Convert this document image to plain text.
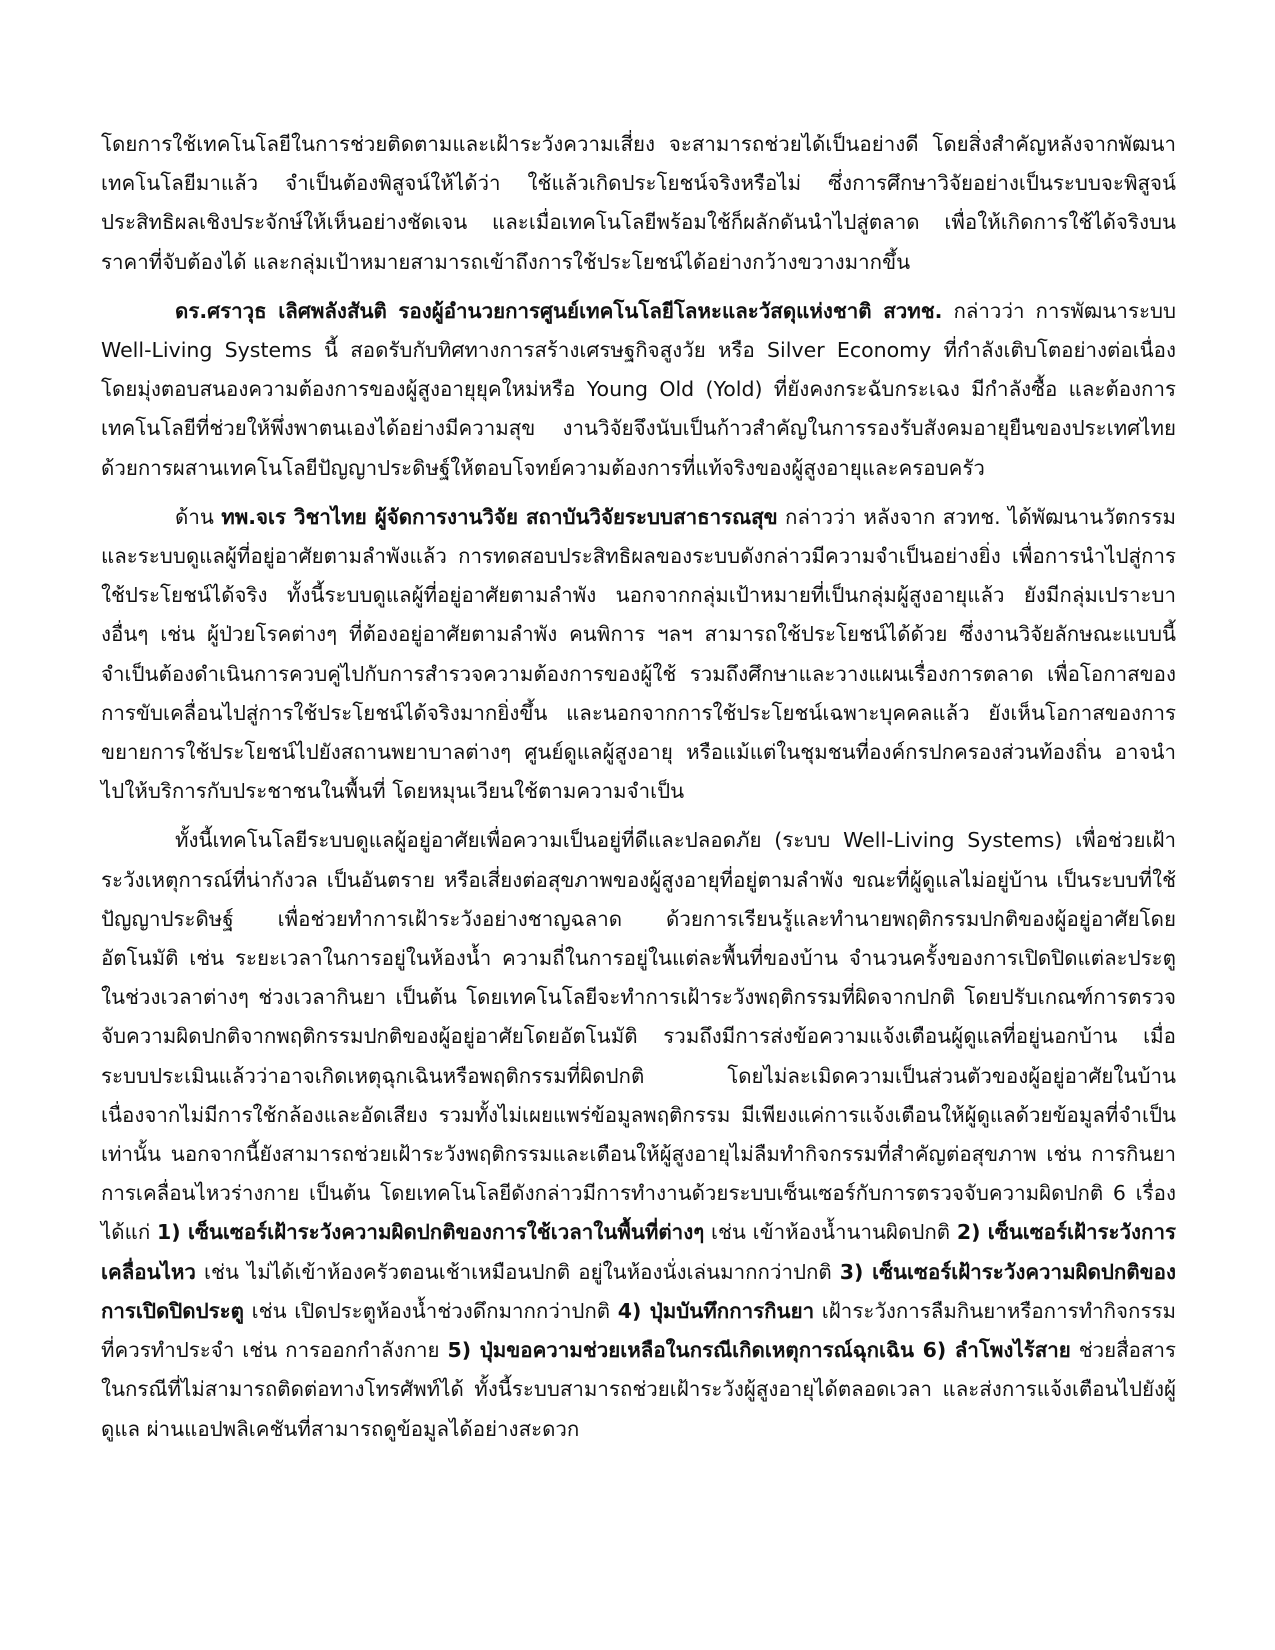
โดยการใช้เทคโนโลยีในการช่วยติดตามและเฝ้าระวังความเสี่ยง จะสามารถช่วยได้เป็นอย่างดี โดยสิ่งสำคัญหลังจากพัฒนาเทคโนโลยีมาแล้ว จำเป็นต้องพิสูจน์ให้ได้ว่า ใช้แล้วเกิดประโยชน์จริงหรือไม่ ซึ่งการศึกษาวิจัยอย่างเป็นระบบจะพิสูจน์ประสิทธิผลเชิงประจักษ์ให้เห็นอย่างชัดเจน และเมื่อเทคโนโลยีพร้อมใช้ก็ผลักดันนำไปสู่ตลาด เพื่อให้เกิดการใช้ได้จริงบนราคาที่จับต้องได้ และกลุ่มเป้าหมายสามารถเข้าถึงการใช้ประโยชน์ได้อย่างกว้างขวางมากขึ้น

ดร.ศราวุธ เลิศพลังสันติ รองผู้อำนวยการศูนย์เทคโนโลยีโลหะและวัสดุแห่งชาติ สวทช. กล่าวว่า การพัฒนาระบบ Well-Living Systems นี้ สอดรับกับทิศทางการสร้างเศรษฐกิจสูงวัย หรือ Silver Economy ที่กำลังเติบโตอย่างต่อเนื่อง โดยมุ่งตอบสนองความต้องการของผู้สูงอายุยุคใหม่หรือ Young Old (Yold) ที่ยังคงกระฉับกระเฉง มีกำลังซื้อ และต้องการเทคโนโลยีที่ช่วยให้พึ่งพาตนเองได้อย่างมีความสุข งานวิจัยจึงนับเป็นก้าวสำคัญในการรองรับสังคมอายุยืนของประเทศไทย ด้วยการผสานเทคโนโลยีปัญญาประดิษฐ์ให้ตอบโจทย์ความต้องการที่แท้จริงของผู้สูงอายุและครอบครัว

ด้าน ทพ.จเร วิชาไทย ผู้จัดการงานวิจัย สถาบันวิจัยระบบสาธารณสุข กล่าวว่า หลังจาก สวทช. ได้พัฒนานวัตกรรมและระบบดูแลผู้ที่อยู่อาศัยตามลำพังแล้ว การทดสอบประสิทธิผลของระบบดังกล่าวมีความจำเป็นอย่างยิ่ง เพื่อการนำไปสู่การใช้ประโยชน์ได้จริง ทั้งนี้ระบบดูแลผู้ที่อยู่อาศัยตามลำพัง นอกจากกลุ่มเป้าหมายที่เป็นกลุ่มผู้สูงอายุแล้ว ยังมีกลุ่มเปราะบางอื่นๆ เช่น ผู้ป่วยโรคต่างๆ ที่ต้องอยู่อาศัยตามลำพัง คนพิการ ฯลฯ สามารถใช้ประโยชน์ได้ด้วย ซึ่งงานวิจัยลักษณะแบบนี้จำเป็นต้องดำเนินการควบคู่ไปกับการสำรวจความต้องการของผู้ใช้ รวมถึงศึกษาและวางแผนเรื่องการตลาด เพื่อโอกาสของการขับเคลื่อนไปสู่การใช้ประโยชน์ได้จริงมากยิ่งขึ้น และนอกจากการใช้ประโยชน์เฉพาะบุคคลแล้ว ยังเห็นโอกาสของการขยายการใช้ประโยชน์ไปยังสถานพยาบาลต่างๆ ศูนย์ดูแลผู้สูงอายุ หรือแม้แต่ในชุมชนที่องค์กรปกครองส่วนท้องถิ่น อาจนำไปให้บริการกับประชาชนในพื้นที่ โดยหมุนเวียนใช้ตามความจำเป็น

ทั้งนี้เทคโนโลยีระบบดูแลผู้อยู่อาศัยเพื่อความเป็นอยู่ที่ดีและปลอดภัย (ระบบ Well-Living Systems) เพื่อช่วยเฝ้าระวังเหตุการณ์ที่น่ากังวล เป็นอันตราย หรือเสี่ยงต่อสุขภาพของผู้สูงอายุที่อยู่ตามลำพัง ขณะที่ผู้ดูแลไม่อยู่บ้าน เป็นระบบที่ใช้ปัญญาประดิษฐ์ เพื่อช่วยทำการเฝ้าระวังอย่างชาญฉลาด ด้วยการเรียนรู้และทำนายพฤติกรรมปกติของผู้อยู่อาศัยโดยอัตโนมัติ เช่น ระยะเวลาในการอยู่ในห้องน้ำ ความถี่ในการอยู่ในแต่ละพื้นที่ของบ้าน จำนวนครั้งของการเปิดปิดแต่ละประตูในช่วงเวลาต่างๆ ช่วงเวลากินยา เป็นต้น โดยเทคโนโลยีจะทำการเฝ้าระวังพฤติกรรมที่ผิดจากปกติ โดยปรับเกณฑ์การตรวจจับความผิดปกติจากพฤติกรรมปกติของผู้อยู่อาศัยโดยอัตโนมัติ รวมถึงมีการส่งข้อความแจ้งเตือนผู้ดูแลที่อยู่นอกบ้าน เมื่อระบบประเมินแล้วว่าอาจเกิดเหตุฉุกเฉินหรือพฤติกรรมที่ผิดปกติ โดยไม่ละเมิดความเป็นส่วนตัวของผู้อยู่อาศัยในบ้าน เนื่องจากไม่มีการใช้กล้องและอัดเสียง รวมทั้งไม่เผยแพร่ข้อมูลพฤติกรรม มีเพียงแค่การแจ้งเตือนให้ผู้ดูแลด้วยข้อมูลที่จำเป็นเท่านั้น นอกจากนี้ยังสามารถช่วยเฝ้าระวังพฤติกรรมและเตือนให้ผู้สูงอายุไม่ลืมทำกิจกรรมที่สำคัญต่อสุขภาพ เช่น การกินยา การเคลื่อนไหวร่างกาย เป็นต้น โดยเทคโนโลยีดังกล่าวมีการทำงานด้วยระบบเซ็นเซอร์กับการตรวจจับความผิดปกติ 6 เรื่อง ได้แก่ 1) เซ็นเซอร์เฝ้าระวังความผิดปกติของการใช้เวลาในพื้นที่ต่างๆ เช่น เข้าห้องน้ำนานผิดปกติ 2) เซ็นเซอร์เฝ้าระวังการเคลื่อนไหว เช่น ไม่ได้เข้าห้องครัวตอนเช้าเหมือนปกติ อยู่ในห้องนั่งเล่นมากกว่าปกติ 3) เซ็นเซอร์เฝ้าระวังความผิดปกติของการเปิดปิดประตู เช่น เปิดประตูห้องน้ำช่วงดึกมากกว่าปกติ 4) ปุ่มบันทึกการกินยา เฝ้าระวังการลืมกินยาหรือการทำกิจกรรมที่ควรทำประจำ เช่น การออกกำลังกาย 5) ปุ่มขอความช่วยเหลือในกรณีเกิดเหตุการณ์ฉุกเฉิน 6) ลำโพงไร้สาย ช่วยสื่อสารในกรณีที่ไม่สามารถติดต่อทางโทรศัพท์ได้ ทั้งนี้ระบบสามารถช่วยเฝ้าระวังผู้สูงอายุได้ตลอดเวลา และส่งการแจ้งเตือนไปยังผู้ดูแล ผ่านแอปพลิเคชันที่สามารถดูข้อมูลได้อย่างสะดวก
